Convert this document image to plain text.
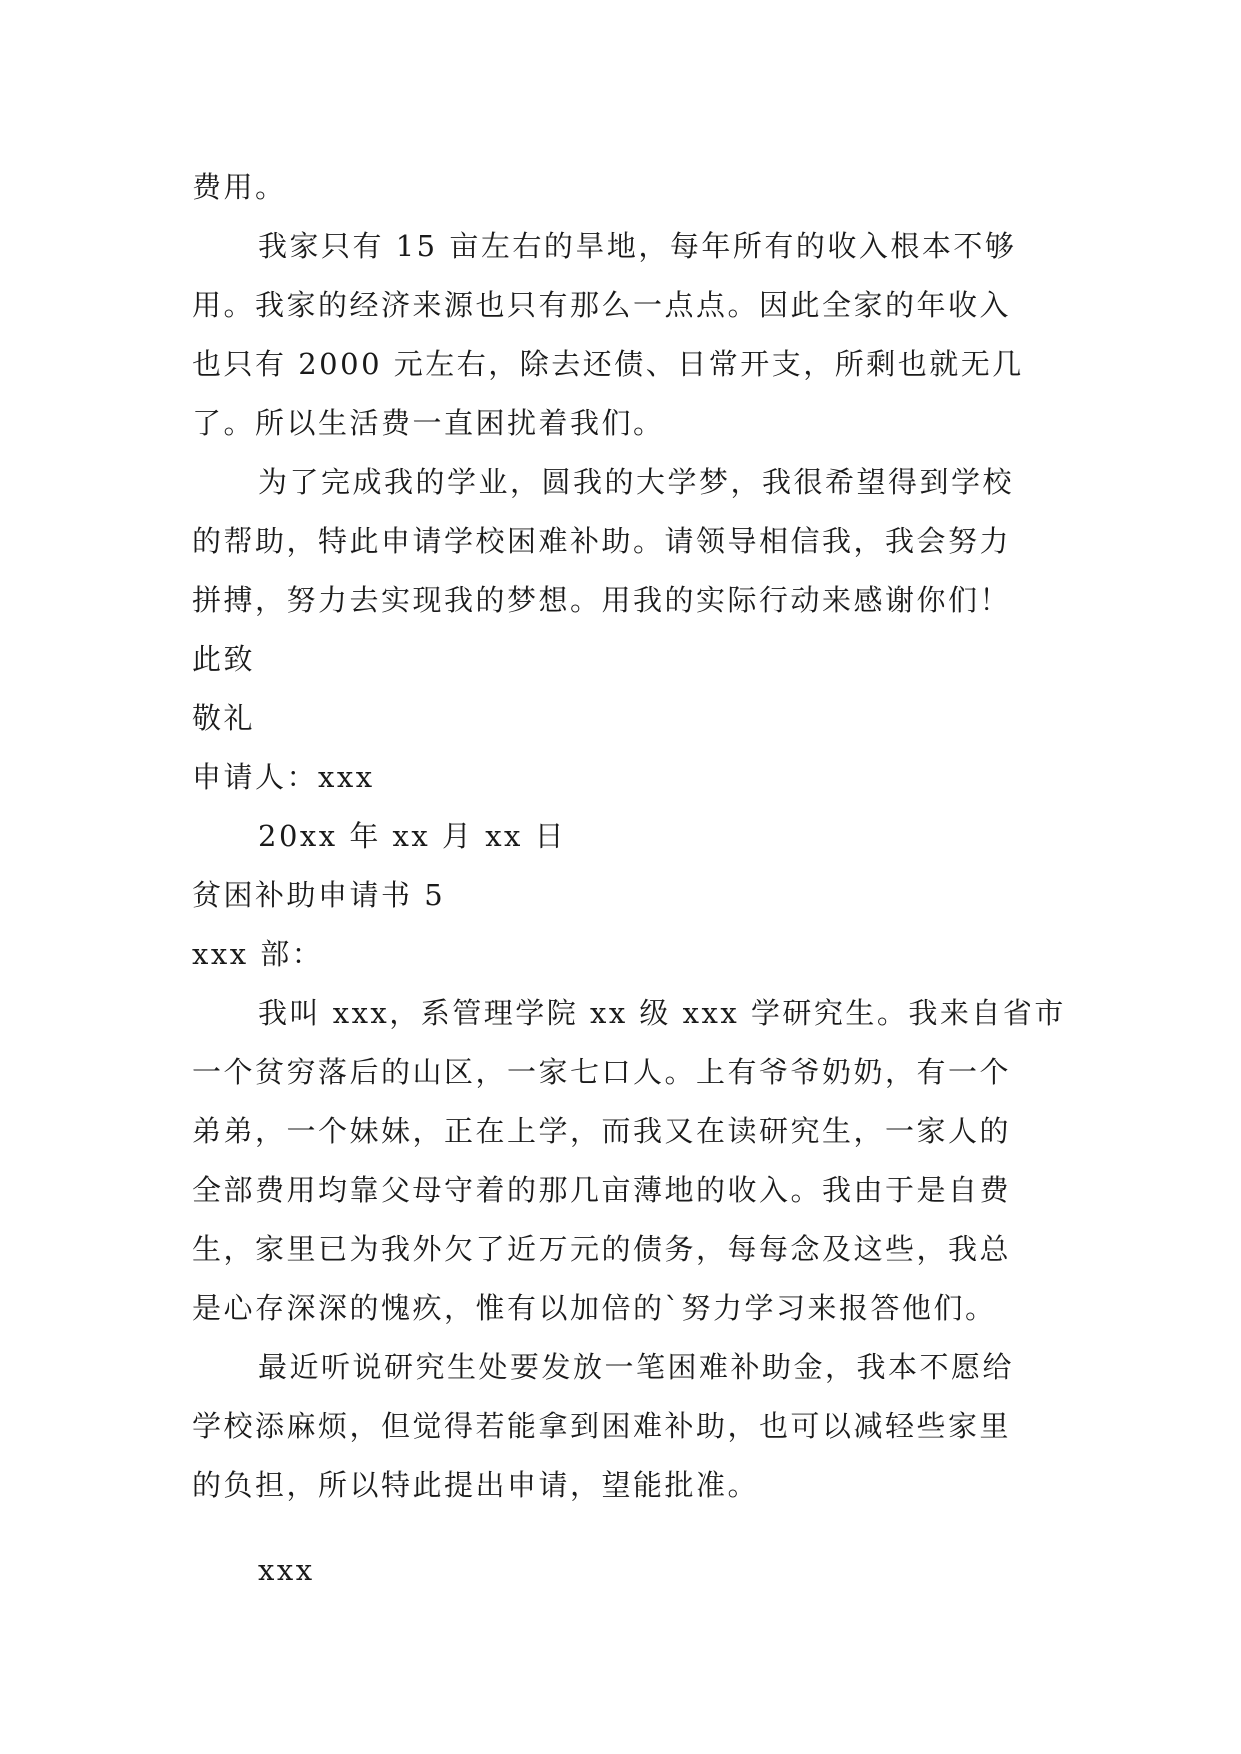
费用。
我家只有 15 亩左右的旱地，每年所有的收入根本不够
用。我家的经济来源也只有那么一点点。因此全家的年收入
也只有 2000 元左右，除去还债、日常开支，所剩也就无几
了。所以生活费一直困扰着我们。
为了完成我的学业，圆我的大学梦，我很希望得到学校
的帮助，特此申请学校困难补助。请领导相信我，我会努力
拼搏，努力去实现我的梦想。用我的实际行动来感谢你们！
此致
敬礼
申请人：xxx
20xx 年 xx 月 xx 日
贫困补助申请书 5
xxx 部：
我叫 xxx，系管理学院 xx 级 xxx 学研究生。我来自省市
一个贫穷落后的山区，一家七口人。上有爷爷奶奶，有一个
弟弟，一个妹妹，正在上学，而我又在读研究生，一家人的
全部费用均靠父母守着的那几亩薄地的收入。我由于是自费
生，家里已为我外欠了近万元的债务，每每念及这些，我总
是心存深深的愧疚，惟有以加倍的`努力学习来报答他们。
最近听说研究生处要发放一笔困难补助金，我本不愿给
学校添麻烦，但觉得若能拿到困难补助，也可以减轻些家里
的负担，所以特此提出申请，望能批准。
xxx
